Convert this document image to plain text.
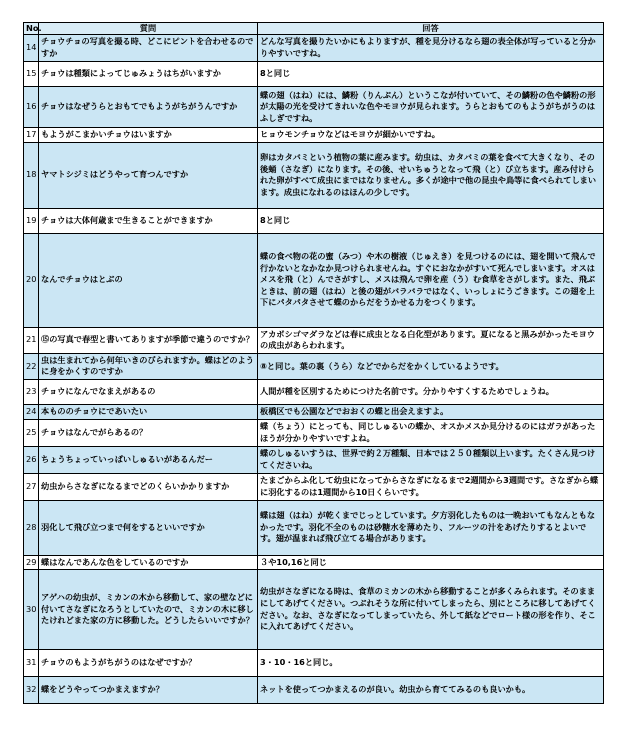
No.	質問	回答
14	チョウチョの写真を撮る時、どこにピントを合わせるのですか	どんな写真を撮りたいかにもよりますが、種を見分けるなら翅の表全体が写っていると分かりやすいですね。
15	チョウは種類によってじゅみょうはちがいますか	8と同じ
16	チョウはなぜうらとおもてでもようがちがうんですか	蝶の翅（はね）には、鱗粉（りんぷん）というこなが付いていて、その鱗粉の色や鱗粉の形が太陽の光を受けてきれいな色やモヨウが見られます。うらとおもてのもようがちがうのはふしぎですね。
17	もようがこまかいチョウはいますか	ヒョウモンチョウなどはモヨウが細かいですね。
18	ヤマトシジミはどうやって育つんですか	卵はカタバミという植物の葉に産みます。幼虫は、カタバミの葉を食べて大きくなり、その後蛹（さなぎ）になります。その後、せいちゅうとなって飛（と）び立ちます。産み付けられた卵がすべて成虫にまではなりません。多くが途中で他の昆虫や鳥等に食べられてしまいます。成虫になれるのはほんの少しです。
19	チョウは大体何歳まで生きることができますか	8と同じ
20	なんでチョウはとぶの	蝶の食べ物の花の蜜（みつ）や木の樹液（じゅえき）を見つけるのには、翅を開いて飛んで行かないとなかなか見つけられませんね。すぐにおなかがすいて死んでしまいます。オスはメスを飛（と）んでさがすし、メスは飛んで卵を産（う）む食草をさがします。また、飛ぶときは、前の翅（はね）と後の翅がバラバラではなく、いっしょにうごきます。この翅を上下にパタパタさせて蝶のからだをうかせる力をつくります。
21	⑮の写真で春型と書いてありますが季節で違うのですか？	アカボシゴマダラなどは春に成虫となる白化型があります。夏になると黒みがかったモヨウの成虫があらわれます。
22	虫は生まれてから何年いきのびられますか。蝶はどのように身をかくすのですか	⑧と同じ。葉の裏（うら）などでからだをかくしているようです。
23	チョウになんでなまえがあるの	人間が種を区別するためにつけた名前です。分かりやすくするためでしょうね。
24	本もののチョウにであいたい	板橋区でも公園などでおおくの蝶と出会えますよ。
25	チョウはなんでがらあるの？	蝶（ちょう）にとっても、同じしゅるいの蝶か、オスかメスか見分けるのにはガラがあったほうが分かりやすいですよね。
26	ちょうちょっていっぱいしゅるいがあるんだー	蝶のしゅるいすうは、世界で約２万種類、日本では２５０種類以上います。たくさん見つけてくださいね。
27	幼虫からさなぎになるまでどのくらいかかりますか	たまごからふ化して幼虫になってからさなぎになるまで2週間から3週間です。さなぎから蝶に羽化するのは1週間から10日くらいです。
28	羽化して飛び立つまで何をするといいですか	蝶は翅（はね）が乾くまでじっとしています。夕方羽化したものは一晩おいてもなんともなかったです。羽化不全のものは砂糖水を薄めたり、フルーツの汁をあげたりするとよいです。翅が温まれば飛び立てる場合があります。
29	蝶はなんであんな色をしているのですか	３や10,16と同じ
30	アゲハの幼虫が、ミカンの木から移動して、家の壁などに付いてさなぎになろうとしていたので、ミカンの木に移したけれどまた家の方に移動した。どうしたらいいですか？	幼虫がさなぎになる時は、食草のミカンの木から移動することが多くみられます。そのままにしてあげてください。つぶれそうな所に付いてしまったら、別にところに移してあげてください。なお、さなぎになってしまっていたら、外して紙などでロート様の形を作り、そこに入れてあげてください。
31	チョウのもようがちがうのはなぜですか？	3・10・16と同じ。
32	蝶をどうやってつかまえますか？	ネットを使ってつかまえるのが良い。幼虫から育ててみるのも良いかも。
